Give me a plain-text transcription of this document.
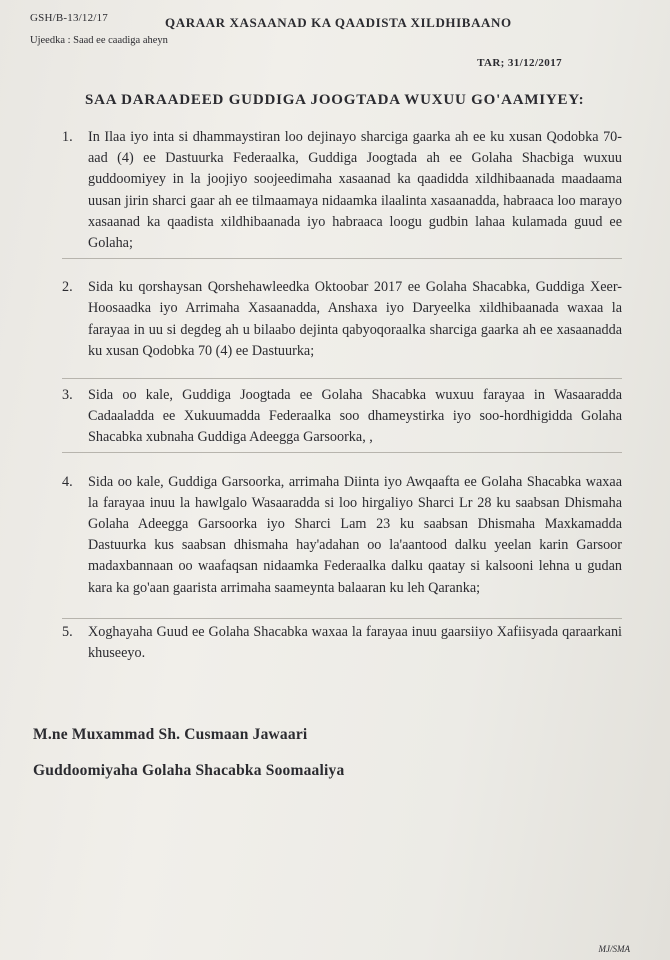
GSH/B-13/12/17	QARAAR XASAANAD KA QAADISTA XILDHIBAANO
Ujeedka : Saad ee caadiga aheyn
TAR; 31/12/2017
SAA DARAADEED GUDDIGA JOOGTADA WUXUU GO'AAMIYEY:
1. In Ilaa iyo inta si dhammaystiran loo dejinayo sharciga gaarka ah ee ku xusan Qodobka 70-aad (4) ee Dastuurka Federaalka, Guddiga Joogtada ah ee Golaha Shacbiga wuxuu guddoomiyey in la joojiyo soojeedimaha xasaanad ka qaadidda xildhibaanada maadaama uusan jirin sharci gaar ah ee tilmaamaya nidaamka ilaalinta xasaanadda, habraaca loo marayo xasaanad ka qaadista xildhibaanada iyo habraaca loogu gudbin lahaa kulamada guud ee Golaha;
2. Sida ku qorshaysan Qorshehawleedka Oktoobar 2017 ee Golaha Shacabka, Guddiga Xeer-Hoosaadka iyo Arrimaha Xasaanadda, Anshaxa iyo Daryeelka xildhibaanada waxaa la farayaa in uu si degdeg ah u bilaabo dejinta qabyoqoraalka sharciga gaarka ah ee xasaanadda ku xusan Qodobka 70 (4) ee Dastuurka;
3. Sida oo kale, Guddiga Joogtada ee Golaha Shacabka wuxuu farayaa in Wasaaradda Cadaaladda ee Xukuumadda Federaalka soo dhameystirka iyo soo-hordhigidda Golaha Shacabka xubnaha Guddiga Adeegga Garsoorka, ,
4. Sida oo kale, Guddiga Garsoorka, arrimaha Diinta iyo Awqaafta ee Golaha Shacabka waxaa la farayaa inuu la hawlgalo Wasaaradda si loo hirgaliyo Sharci Lr 28 ku saabsan Dhismaha Golaha Adeegga Garsoorka iyo Sharci Lam 23 ku saabsan Dhismaha Maxkamadda Dastuurka kus saabsan dhismaha hay'adahan oo la'aantood dalku yeelan karin Garsoor madaxbannaan oo waafaqsan nidaamka Federaalka dalku qaatay si kalsooni lehna u gudan kara ka go'aan gaarista arrimaha saameynta balaaran ku leh Qaranka;
5. Xoghayaha Guud ee Golaha Shacabka waxaa la farayaa inuu gaarsiiyo Xafiisyada qaraarkani khuseeyo.
M.ne Muxammad Sh. Cusmaan Jawaari
Guddoomiyaha Golaha Shacabka Soomaaliya
MJ/SMA
